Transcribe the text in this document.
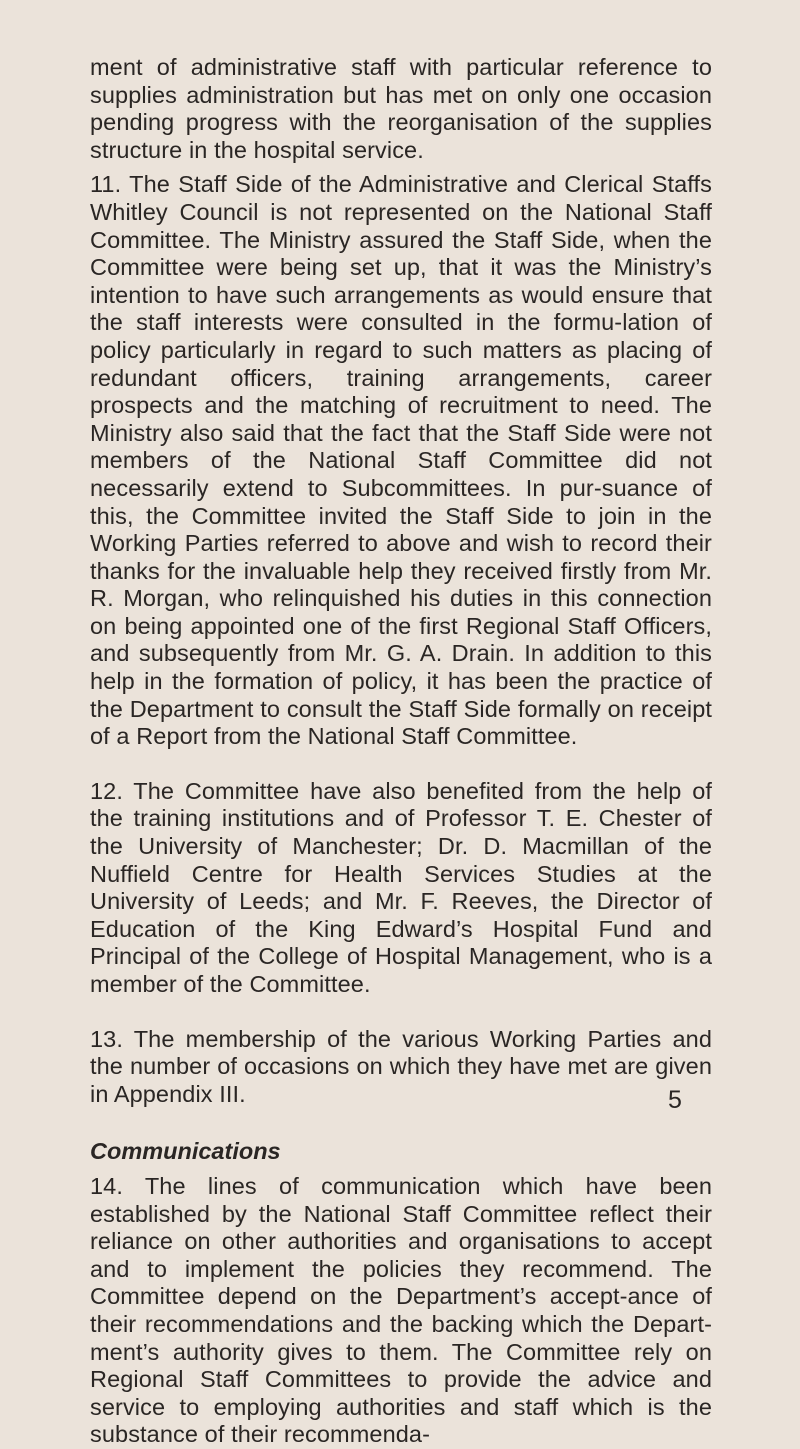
ment of administrative staff with particular reference to supplies administration but has met on only one occasion pending progress with the reorganisation of the supplies structure in the hospital service.

11. The Staff Side of the Administrative and Clerical Staffs Whitley Council is not represented on the National Staff Committee. The Ministry assured the Staff Side, when the Committee were being set up, that it was the Ministry’s intention to have such arrangements as would ensure that the staff interests were consulted in the formu-lation of policy particularly in regard to such matters as placing of redundant officers, training arrangements, career prospects and the matching of recruitment to need. The Ministry also said that the fact that the Staff Side were not members of the National Staff Committee did not necessarily extend to Subcommittees. In pur-suance of this, the Committee invited the Staff Side to join in the Working Parties referred to above and wish to record their thanks for the invaluable help they received firstly from Mr. R. Morgan, who relinquished his duties in this connection on being appointed one of the first Regional Staff Officers, and subsequently from Mr. G. A. Drain. In addition to this help in the formation of policy, it has been the practice of the Department to consult the Staff Side formally on receipt of a Report from the National Staff Committee.

12. The Committee have also benefited from the help of the training institutions and of Professor T. E. Chester of the University of Manchester; Dr. D. Macmillan of the Nuffield Centre for Health Services Studies at the University of Leeds; and Mr. F. Reeves, the Director of Education of the King Edward’s Hospital Fund and Principal of the College of Hospital Management, who is a member of the Committee.

13. The membership of the various Working Parties and the number of occasions on which they have met are given in Appendix III.

Communications

14. The lines of communication which have been established by the National Staff Committee reflect their reliance on other authorities and organisations to accept and to implement the policies they recommend. The Committee depend on the Department’s accept-ance of their recommendations and the backing which the Depart-ment’s authority gives to them. The Committee rely on Regional Staff Committees to provide the advice and service to employing authorities and staff which is the substance of their recommenda-

5
